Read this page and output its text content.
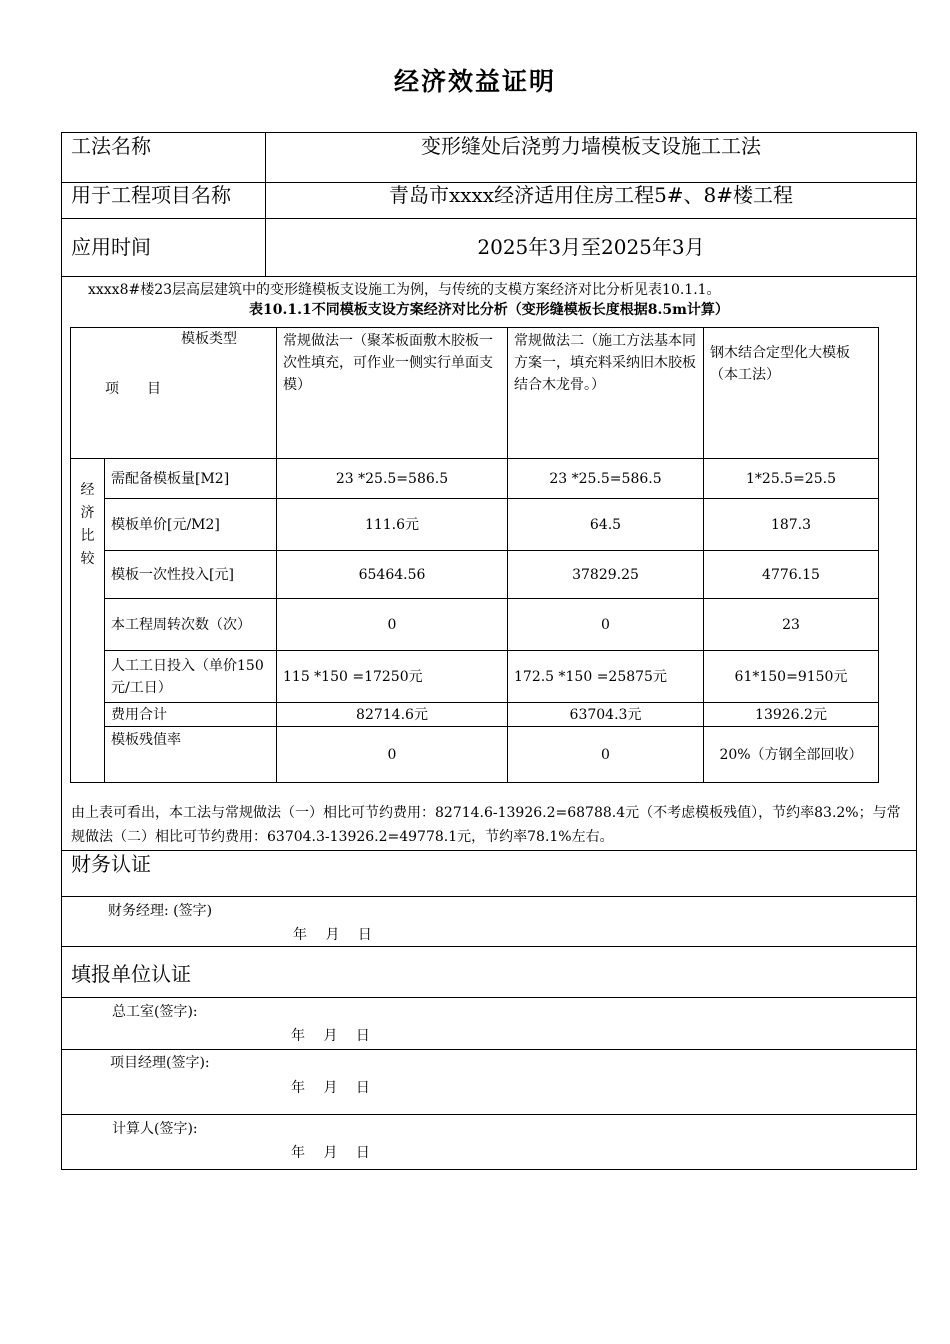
经济效益证明
工法名称	变形缝处后浇剪力墙模板支设施工工法
用于工程项目名称	青岛市xxxx经济适用住房工程5#、8#楼工程
应用时间	2025年3月至2025年3月
xxxx8#楼23层高层建筑中的变形缝模板支设施工为例，与传统的支模方案经济对比分析见表10.1.1。
表10.1.1不同模板支设方案经济对比分析（变形缝模板长度根据8.5m计算）
模板类型
项　　目		常规做法一（聚苯板面敷木胶板一次性填充，可作业一侧实行单面支模）	常规做法二（施工方法基本同方案一，填充料采纳旧木胶板结合木龙骨。）	钢木结合定型化大模板（本工法）
经济比较	需配备模板量[M2]	23 *25.5=586.5	23 *25.5=586.5	1*25.5=25.5
	模板单价[元/M2]	111.6元	64.5	187.3
	模板一次性投入[元]	65464.56	37829.25	4776.15
	本工程周转次数（次）	0	0	23
	人工工日投入（单价150元/工日）	115 *150 =17250元	172.5 *150 =25875元	61*150=9150元
	费用合计	82714.6元	63704.3元	13926.2元
	模板残值率	0	0	20%（方钢全部回收）
由上表可看出，本工法与常规做法（一）相比可节约费用：82714.6-13926.2=68788.4元（不考虑模板残值），节约率83.2%；与常规做法（二）相比可节约费用：63704.3-13926.2=49778.1元，节约率78.1%左右。
财务认证
财务经理: (签字)
年　 月　 日
填报单位认证
总工室(签字):
年　 月　 日
项目经理(签字):
年　 月　 日
计算人(签字):
年　 月　 日
